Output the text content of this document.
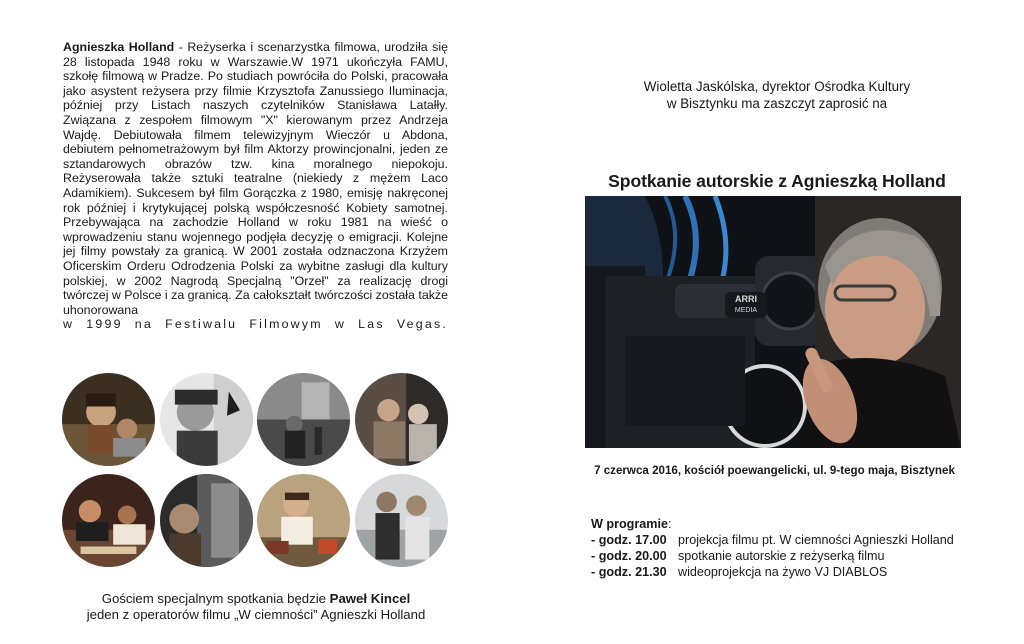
Agnieszka Holland - Reżyserka i scenarzystka filmowa, urodziła się 28 listopada 1948 roku w Warszawie.W 1971 ukończyła FAMU, szkołę filmową w Pradze. Po studiach powróciła do Polski, pracowała jako asystent reżysera przy filmie Krzysztofa Zanussiego Iluminacja, później przy Listach naszych czytelników Stanisława Latałły. Związana z zespołem filmowym "X" kierowanym przez Andrzeja Wajdę. Debiutowała filmem telewizyjnym Wieczór u Abdona, debiutem pełnometrażowym był film Aktorzy prowincjonalni, jeden ze sztandarowych obrazów tzw. kina moralnego niepokoju. Reżyserowała także sztuki teatralne (niekiedy z mężem Laco Adamikiem). Sukcesem był film Gorączka z 1980, emisję nakręconej rok później i krytykującej polską współczesność Kobiety samotnej. Przebywająca na zachodzie Holland w roku 1981 na wieść o wprowadzeniu stanu wojennego podjęła decyzję o emigracji. Kolejne jej filmy powstały za granicą. W 2001 została odznaczona Krzyżem Oficerskim Orderu Odrodzenia Polski za wybitne zasługi dla kultury polskiej, w 2002 Nagrodą Specjalną "Orzeł" za realizację drogi twórczej w Polsce i za granicą. Za całokształt twórczości została także uhonorowana
w 1999 na Festiwalu Filmowym w Las Vegas.

Gościem specjalnym spotkania będzie Paweł Kincel
jeden z operatorów filmu „W ciemności” Agnieszki Holland
Wioletta Jaskólska, dyrektor Ośrodka Kultury
w Bisztynku ma zaszczyt zaprosić na
Spotkanie autorskie z Agnieszką Holland
ARRI
MEDIA
7 czerwca 2016, kościół poewangelicki, ul. 9-tego maja, Bisztynek
W programie:
- godz. 17.00 projekcja filmu pt. W ciemności Agnieszki Holland
- godz. 20.00 spotkanie autorskie z reżyserką filmu
- godz. 21.30 wideoprojekcja na żywo VJ DIABLOS
